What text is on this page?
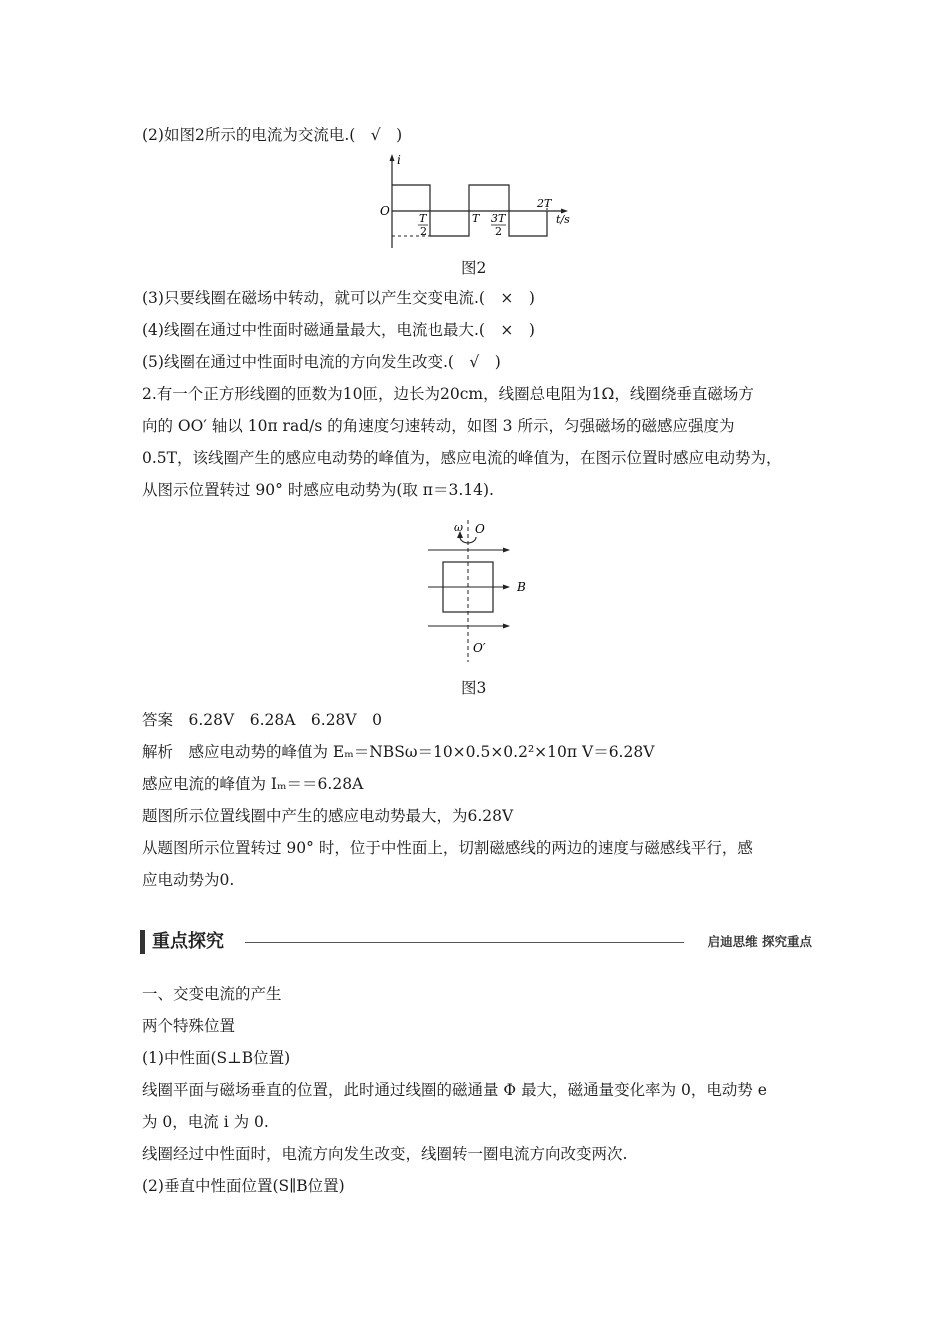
(2)如图2所示的电流为交流电.(　√　)
i
O
T
2
T 3T
2
2T
t/s
图2
(3)只要线圈在磁场中转动，就可以产生交变电流.(　×　)
(4)线圈在通过中性面时磁通量最大，电流也最大.(　×　)
(5)线圈在通过中性面时电流的方向发生改变.(　√　)
2.有一个正方形线圈的匝数为10匝，边长为20cm，线圈总电阻为1Ω，线圈绕垂直磁场方
向的 OO′ 轴以 10π rad/s 的角速度匀速转动，如图 3 所示，匀强磁场的磁感应强度为
0.5T，该线圈产生的感应电动势的峰值为，感应电流的峰值为，在图示位置时感应电动势为，
从图示位置转过 90° 时感应电动势为(取 π＝3.14).
ω O
B
O′
图3
答案　6.28V　6.28A　6.28V　0
解析　感应电动势的峰值为 Eₘ＝NBSω＝10×0.5×0.2²×10π V＝6.28V
感应电流的峰值为 Iₘ＝＝6.28A
题图所示位置线圈中产生的感应电动势最大，为6.28V
从题图所示位置转过 90° 时，位于中性面上，切割磁感线的两边的速度与磁感线平行，感
应电动势为0.
重点探究	启迪思维 探究重点
一、交变电流的产生
两个特殊位置
(1)中性面(S⊥B位置)
线圈平面与磁场垂直的位置，此时通过线圈的磁通量 Φ 最大，磁通量变化率为 0，电动势 e
为 0，电流 i 为 0.
线圈经过中性面时，电流方向发生改变，线圈转一圈电流方向改变两次.
(2)垂直中性面位置(S∥B位置)
